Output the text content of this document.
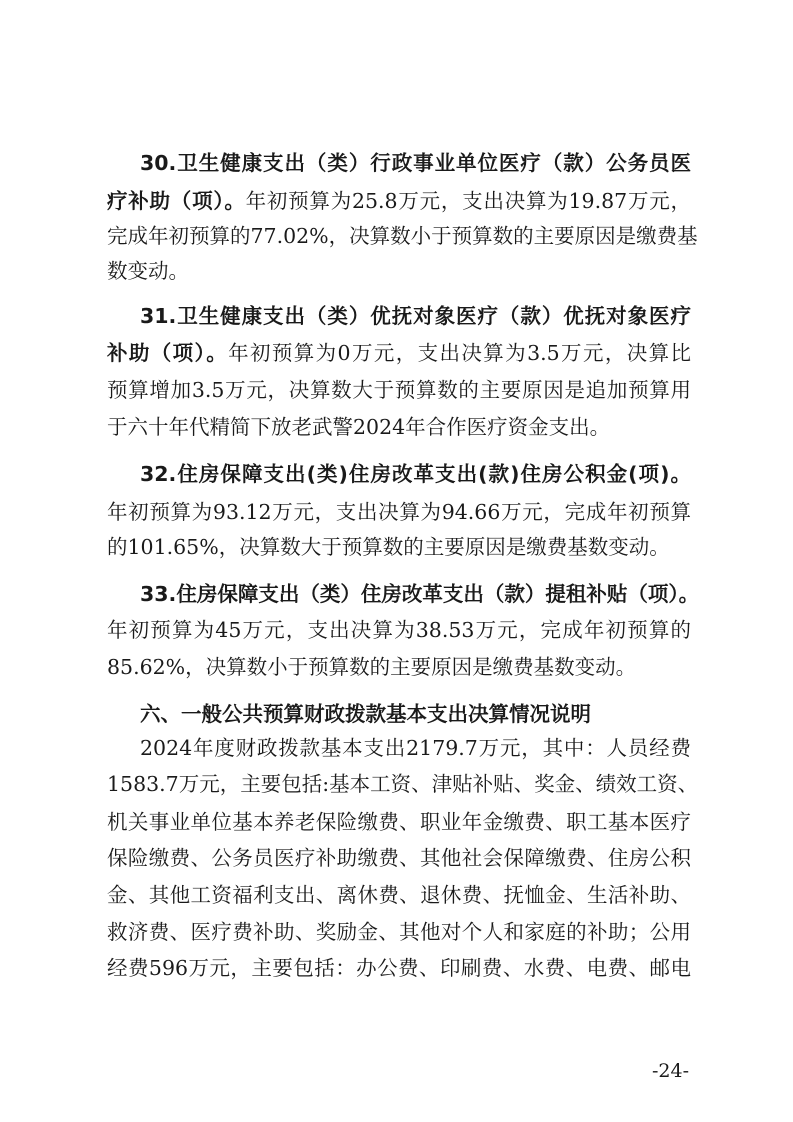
30.卫生健康支出（类）行政事业单位医疗（款）公务员医
疗补助（项）。年初预算为25.8万元，支出决算为19.87万元，
完成年初预算的77.02%，决算数小于预算数的主要原因是缴费基
数变动。
31.卫生健康支出（类）优抚对象医疗（款）优抚对象医疗
补助（项）。年初预算为0万元，支出决算为3.5万元，决算比
预算增加3.5万元，决算数大于预算数的主要原因是追加预算用
于六十年代精简下放老武警2024年合作医疗资金支出。
32.住房保障支出(类)住房改革支出(款)住房公积金(项)。
年初预算为93.12万元，支出决算为94.66万元，完成年初预算
的101.65%，决算数大于预算数的主要原因是缴费基数变动。
33.住房保障支出（类）住房改革支出（款）提租补贴（项）。
年初预算为45万元，支出决算为38.53万元，完成年初预算的
85.62%，决算数小于预算数的主要原因是缴费基数变动。
六、一般公共预算财政拨款基本支出决算情况说明
2024年度财政拨款基本支出2179.7万元，其中：人员经费
1583.7万元，主要包括:基本工资、津贴补贴、奖金、绩效工资、
机关事业单位基本养老保险缴费、职业年金缴费、职工基本医疗
保险缴费、公务员医疗补助缴费、其他社会保障缴费、住房公积
金、其他工资福利支出、离休费、退休费、抚恤金、生活补助、
救济费、医疗费补助、奖励金、其他对个人和家庭的补助；公用
经费596万元，主要包括：办公费、印刷费、水费、电费、邮电
-24-
